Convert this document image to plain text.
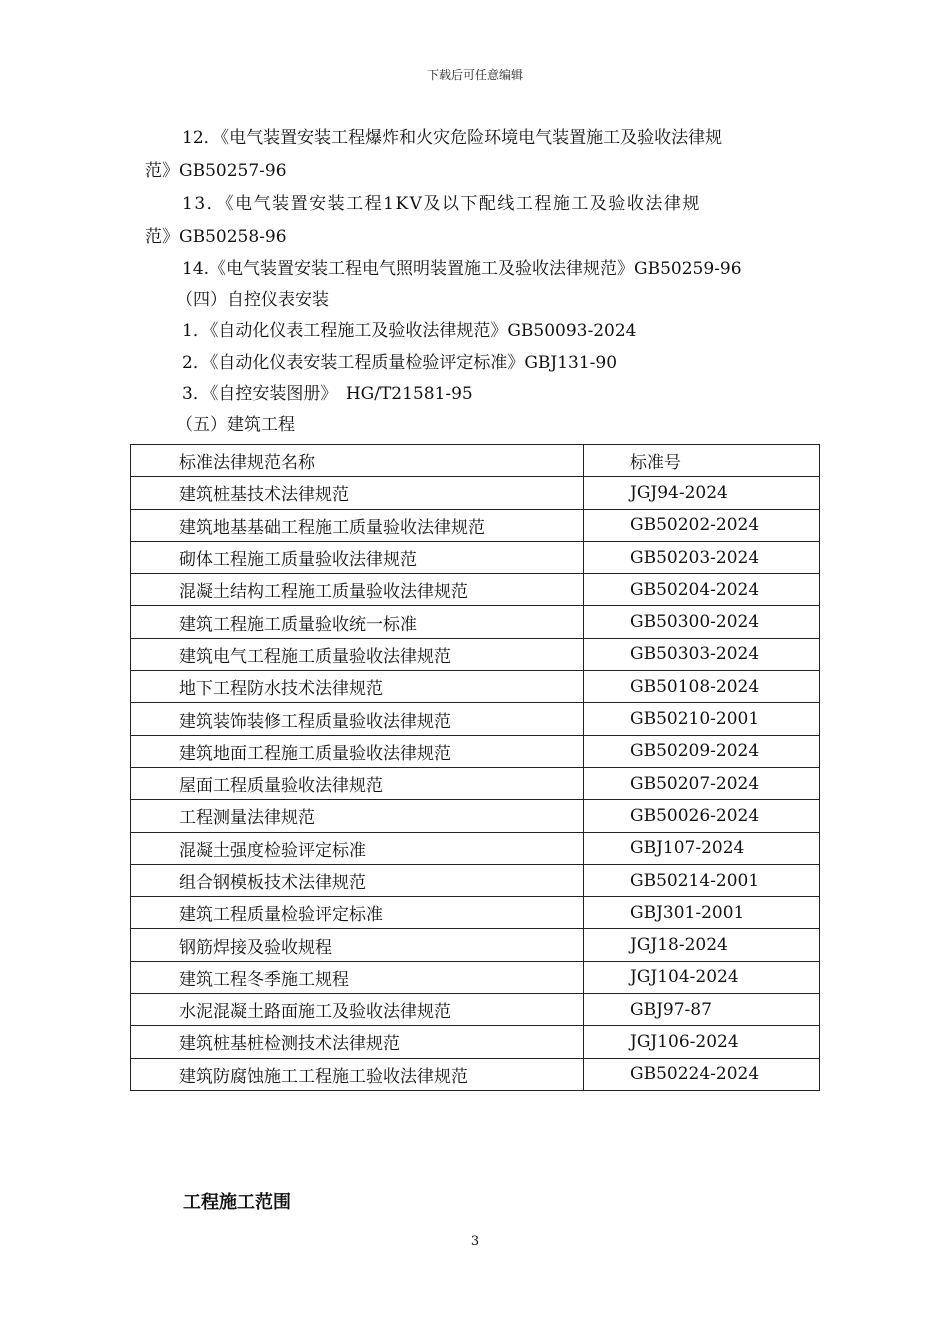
下载后可任意编辑
12．《电气装置安装工程爆炸和火灾危险环境电气装置施工及验收法律规
范》GB50257-96
13．《电气装置安装工程1KV及以下配线工程施工及验收法律规
范》GB50258-96
14.《电气装置安装工程电气照明装置施工及验收法律规范》GB50259-96
（四）自控仪表安装
1．《自动化仪表工程施工及验收法律规范》GB50093-2024
2．《自动化仪表安装工程质量检验评定标准》GBJ131-90
3．《自控安装图册》　HG/T21581-95
（五）建筑工程
标准法律规范名称	标准号
建筑桩基技术法律规范	JGJ94-2024
建筑地基基础工程施工质量验收法律规范	GB50202-2024
砌体工程施工质量验收法律规范	GB50203-2024
混凝土结构工程施工质量验收法律规范	GB50204-2024
建筑工程施工质量验收统一标准	GB50300-2024
建筑电气工程施工质量验收法律规范	GB50303-2024
地下工程防水技术法律规范	GB50108-2024
建筑装饰装修工程质量验收法律规范	GB50210-2001
建筑地面工程施工质量验收法律规范	GB50209-2024
屋面工程质量验收法律规范	GB50207-2024
工程测量法律规范	GB50026-2024
混凝土强度检验评定标准	GBJ107-2024
组合钢模板技术法律规范	GB50214-2001
建筑工程质量检验评定标准	GBJ301-2001
钢筋焊接及验收规程	JGJ18-2024
建筑工程冬季施工规程	JGJ104-2024
水泥混凝土路面施工及验收法律规范	GBJ97-87
建筑桩基桩检测技术法律规范	JGJ106-2024
建筑防腐蚀施工工程施工验收法律规范	GB50224-2024
工程施工范围
3
